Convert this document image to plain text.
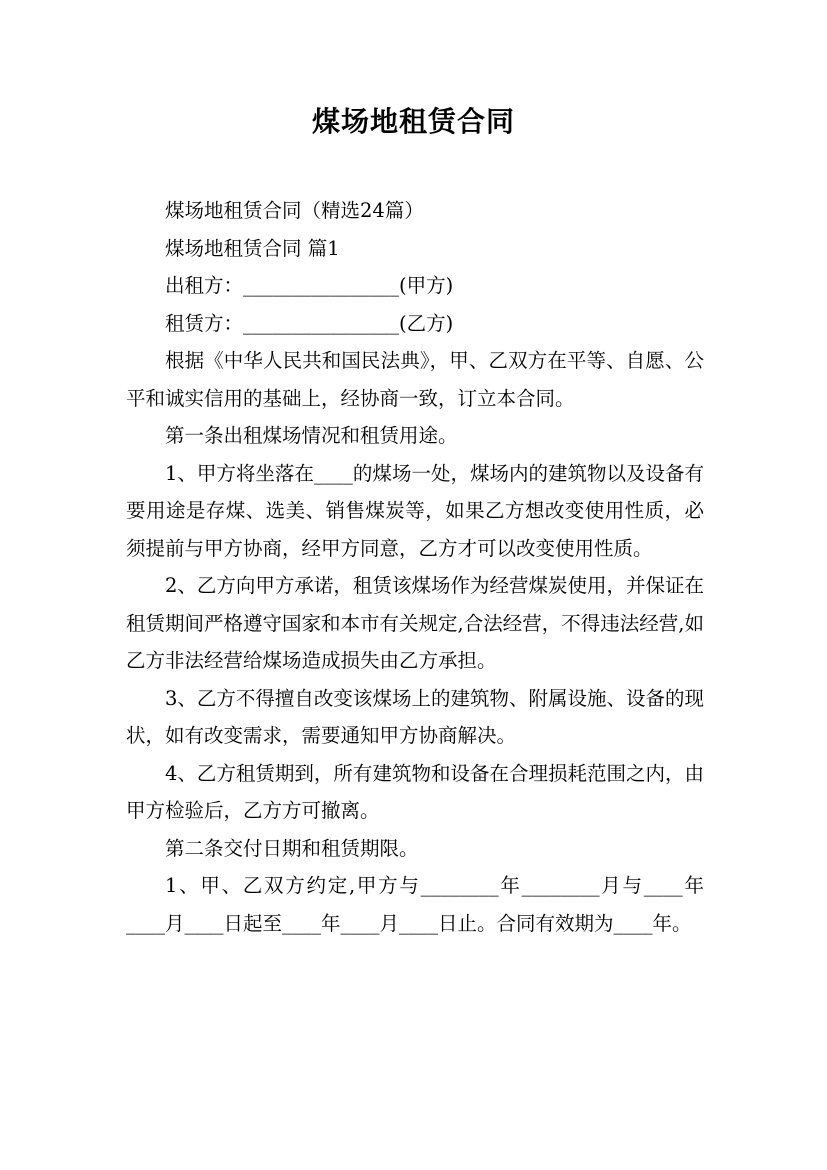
煤场地租赁合同

煤场地租赁合同（精选24篇）

煤场地租赁合同 篇1

出租方：________________(甲方)

租赁方：________________(乙方)

根据《中华人民共和国民法典》，甲、乙双方在平等、自愿、公平和诚实信用的基础上，经协商一致，订立本合同。

第一条出租煤场情况和租赁用途。

1、甲方将坐落在____的煤场一处，煤场内的建筑物以及设备有要用途是存煤、选美、销售煤炭等，如果乙方想改变使用性质，必须提前与甲方协商，经甲方同意，乙方才可以改变使用性质。

2、乙方向甲方承诺，租赁该煤场作为经营煤炭使用，并保证在租赁期间严格遵守国家和本市有关规定,合法经营，不得违法经营,如乙方非法经营给煤场造成损失由乙方承担。

3、乙方不得擅自改变该煤场上的建筑物、附属设施、设备的现状，如有改变需求，需要通知甲方协商解决。

4、乙方租赁期到，所有建筑物和设备在合理损耗范围之内，由甲方检验后，乙方方可撤离。

第二条交付日期和租赁期限。

1、甲、乙双方约定,甲方与________年________月与____年____月____日起至____年____月____日止。合同有效期为____年。
